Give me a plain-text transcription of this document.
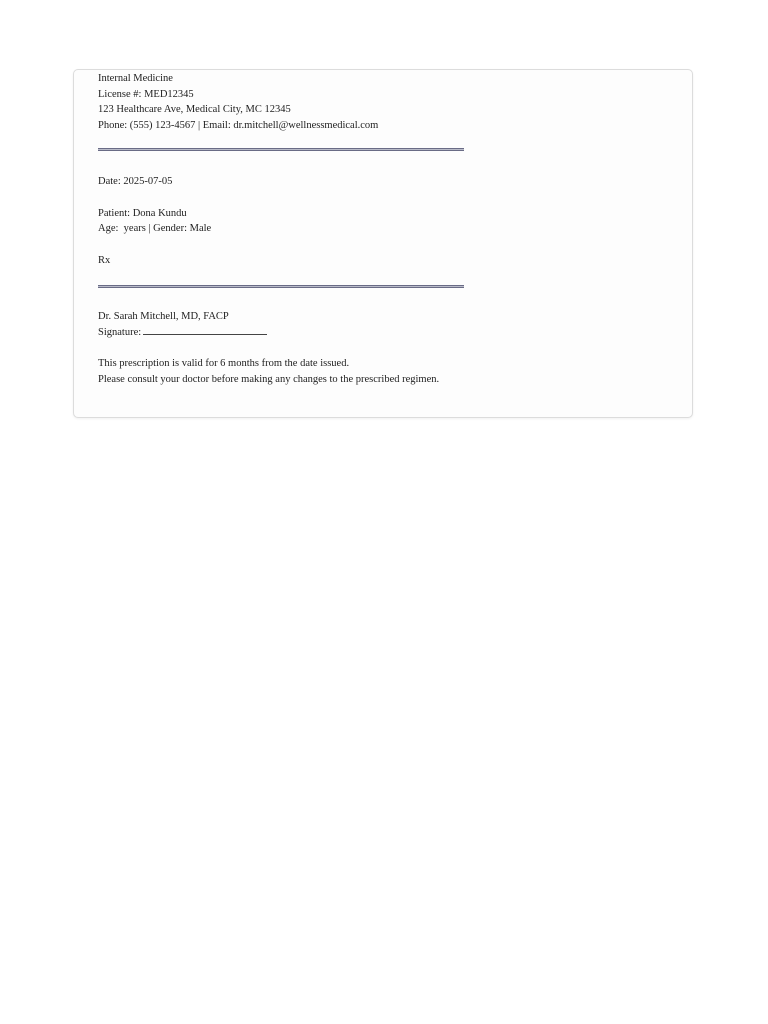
Internal Medicine
License #: MED12345
123 Healthcare Ave, Medical City, MC 12345
Phone: (555) 123-4567 | Email: dr.mitchell@wellnessmedical.com
Date: 2025-07-05
Patient: Dona Kundu
Age:  years | Gender: Male
Rx
Dr. Sarah Mitchell, MD, FACP
Signature:
This prescription is valid for 6 months from the date issued.
Please consult your doctor before making any changes to the prescribed regimen.
